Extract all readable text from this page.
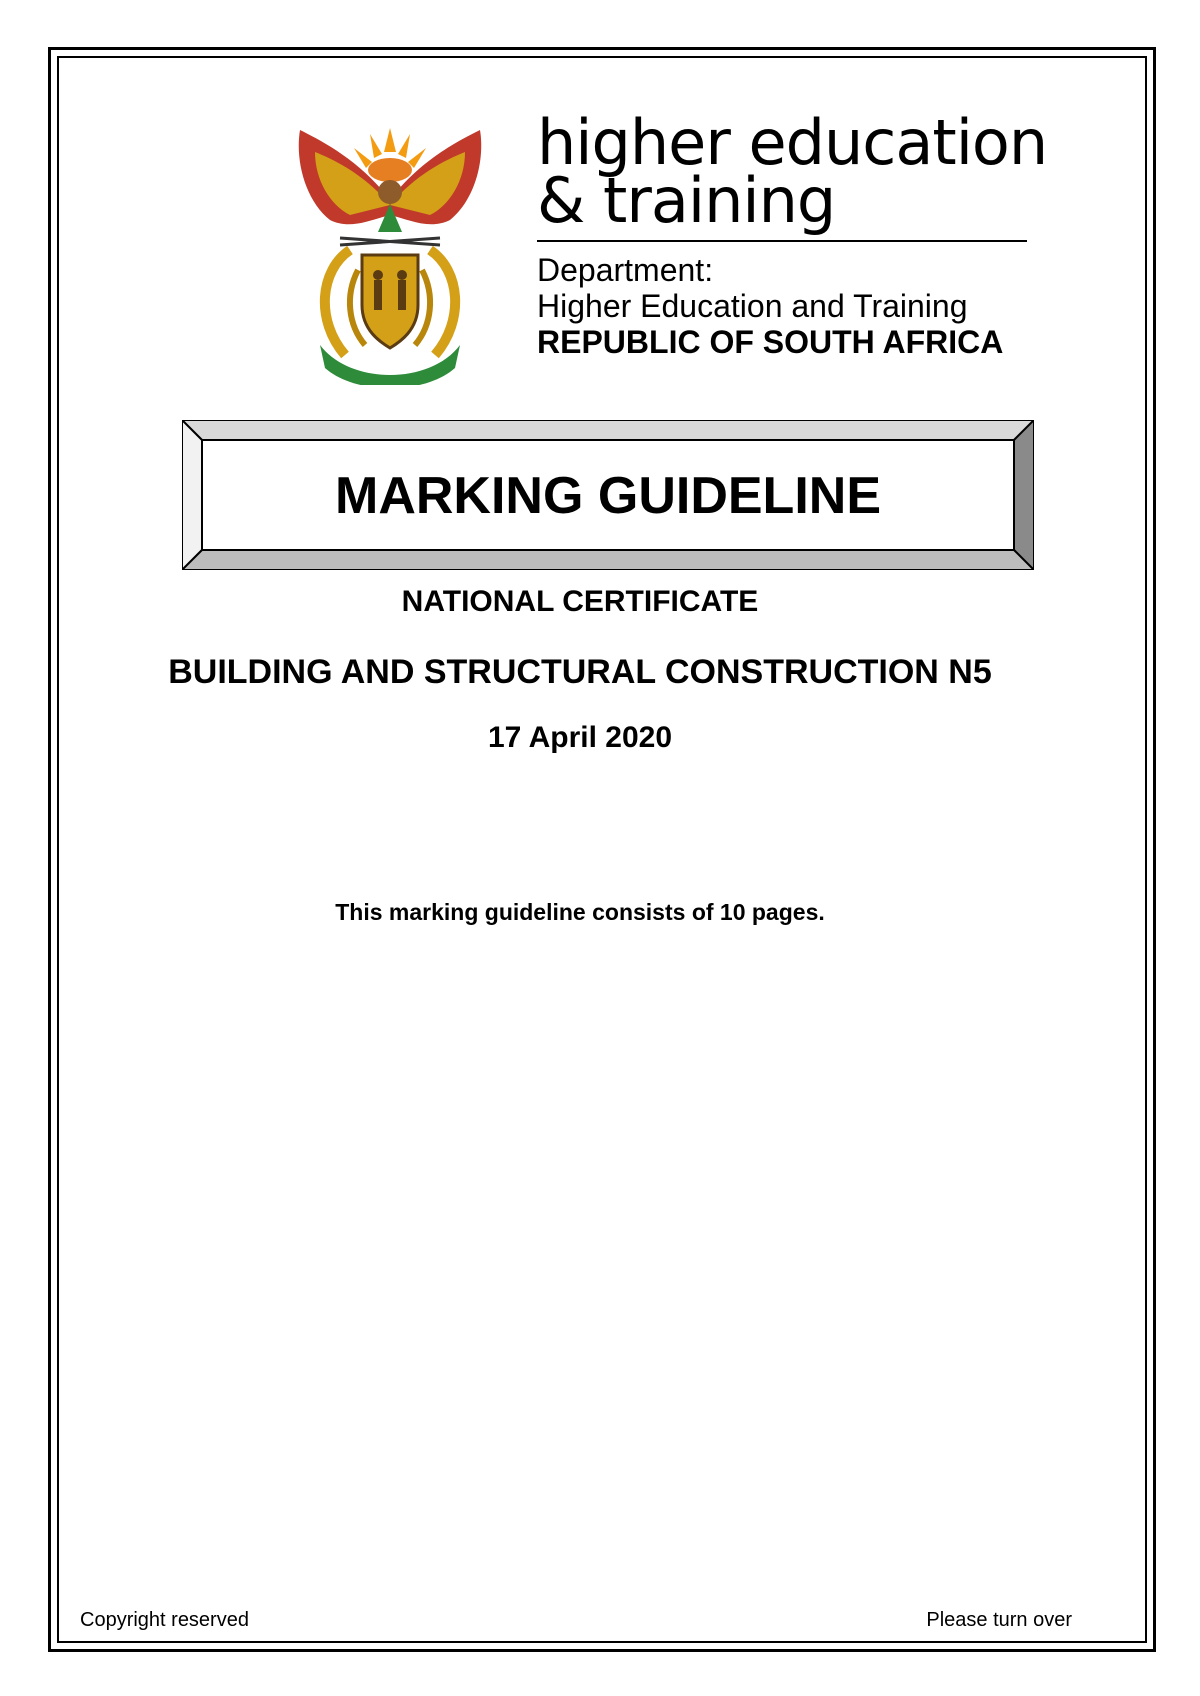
higher education
& training
Department:
Higher Education and Training
REPUBLIC OF SOUTH AFRICA
MARKING GUIDELINE
NATIONAL CERTIFICATE
BUILDING AND STRUCTURAL CONSTRUCTION N5
17 April 2020
This marking guideline consists of 10 pages.
Copyright reserved	Please turn over
